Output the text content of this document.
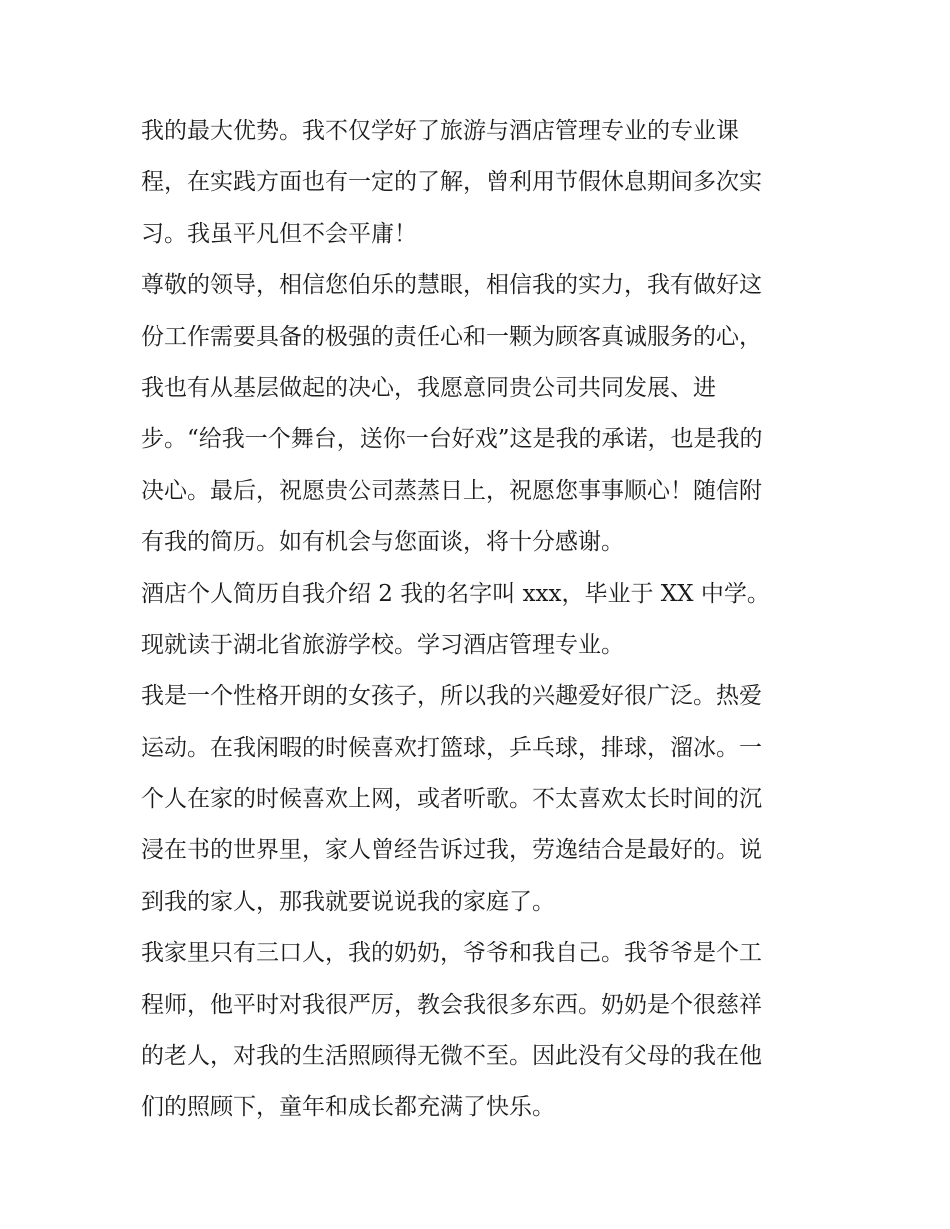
我的最大优势。我不仅学好了旅游与酒店管理专业的专业课
程，在实践方面也有一定的了解，曾利用节假休息期间多次实
习。我虽平凡但不会平庸！
尊敬的领导，相信您伯乐的慧眼，相信我的实力，我有做好这
份工作需要具备的极强的责任心和一颗为顾客真诚服务的心，
我也有从基层做起的决心，我愿意同贵公司共同发展、进
步。“给我一个舞台，送你一台好戏”这是我的承诺，也是我的
决心。最后，祝愿贵公司蒸蒸日上，祝愿您事事顺心！随信附
有我的简历。如有机会与您面谈，将十分感谢。
酒店个人简历自我介绍 2 我的名字叫 xxx，毕业于 XX 中学。
现就读于湖北省旅游学校。学习酒店管理专业。
我是一个性格开朗的女孩子，所以我的兴趣爱好很广泛。热爱
运动。在我闲暇的时候喜欢打篮球，乒乓球，排球，溜冰。一
个人在家的时候喜欢上网，或者听歌。不太喜欢太长时间的沉
浸在书的世界里，家人曾经告诉过我，劳逸结合是最好的。说
到我的家人，那我就要说说我的家庭了。
我家里只有三口人，我的奶奶，爷爷和我自己。我爷爷是个工
程师，他平时对我很严厉，教会我很多东西。奶奶是个很慈祥
的老人，对我的生活照顾得无微不至。因此没有父母的我在他
们的照顾下，童年和成长都充满了快乐。
